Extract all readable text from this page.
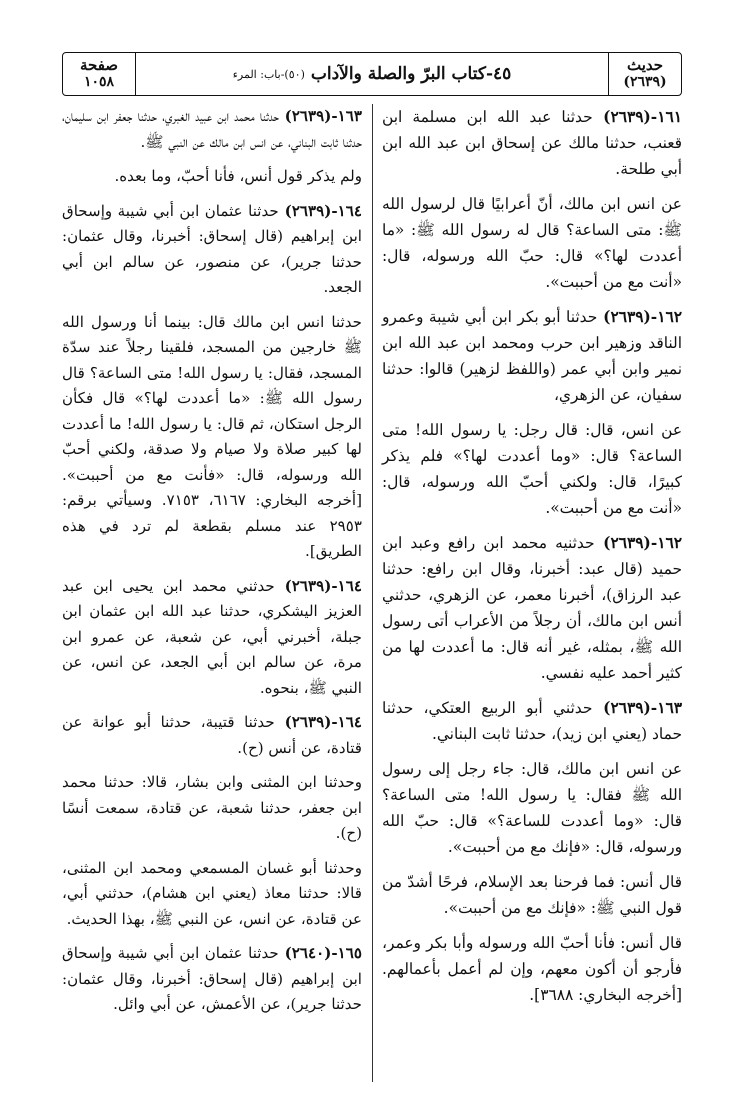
حديث
(٢٦٣٩)
٤٥-كتاب البرّ والصلة والآداب
(٥٠)-باب: المرء
صفحة
١٠٥٨

١٦١-(٢٦٣٩) حدثنا عبد الله ابن مسلمة ابن قعنب، حدثنا مالك عن إسحاق ابن عبد الله ابن أبي طلحة.

عن انس ابن مالك، أنّ أعرابيًا قال لرسول الله ﷺ: متى الساعة؟ قال له رسول الله ﷺ: «ما أعددت لها؟» قال: حبّ الله ورسوله، قال: «أنت مع من أحببت».

١٦٢-(٢٦٣٩) حدثنا أبو بكر ابن أبي شيبة وعمرو الناقد وزهير ابن حرب ومحمد ابن عبد الله ابن نمير وابن أبي عمر (واللفظ لزهير) قالوا: حدثنا سفيان، عن الزهري،

عن انس، قال: قال رجل: يا رسول الله! متى الساعة؟ قال: «وما أعددت لها؟» فلم يذكر كبيرًا، قال: ولكني أحبّ الله ورسوله، قال: «أنت مع من أحببت».

١٦٢-(٢٦٣٩) حدثنيه محمد ابن رافع وعبد ابن حميد (قال عبد: أخبرنا، وقال ابن رافع: حدثنا عبد الرزاق)، أخبرنا معمر، عن الزهري، حدثني أنس ابن مالك، أن رجلاً من الأعراب أتى رسول الله ﷺ، بمثله، غير أنه قال: ما أعددت لها من كثير أحمد عليه نفسي.

١٦٣-(٢٦٣٩) حدثني أبو الربيع العتكي، حدثنا حماد (يعني ابن زيد)، حدثنا ثابت البناني.

عن انس ابن مالك، قال: جاء رجل إلى رسول الله ﷺ فقال: يا رسول الله! متى الساعة؟ قال: «وما أعددت للساعة؟» قال: حبّ الله ورسوله، قال: «فإنك مع من أحببت».

قال أنس: فما فرحنا بعد الإسلام، فرحًا أشدّ من قول النبي ﷺ: «فإنك مع من أحببت».

قال أنس: فأنا أحبّ الله ورسوله وأبا بكر وعمر، فأرجو أن أكون معهم، وإن لم أعمل بأعمالهم. [أخرجه البخاري: ٣٦٨٨].

١٦٣-(٢٦٣٩) حدثنا محمد ابن عبيد الغبري، حدثنا جعفر ابن سليمان، حدثنا ثابت البناني، عن انس ابن مالك عن النبي ﷺ.

ولم يذكر قول أنس، فأنا أحبّ، وما بعده.

١٦٤-(٢٦٣٩) حدثنا عثمان ابن أبي شيبة وإسحاق ابن إبراهيم (قال إسحاق: أخبرنا، وقال عثمان: حدثنا جرير)، عن منصور، عن سالم ابن أبي الجعد.

حدثنا انس ابن مالك قال: بينما أنا ورسول الله ﷺ خارجين من المسجد، فلقينا رجلاً عند سدّة المسجد، فقال: يا رسول الله! متى الساعة؟ قال رسول الله ﷺ: «ما أعددت لها؟» قال فكأن الرجل استكان، ثم قال: يا رسول الله! ما أعددت لها كبير صلاة ولا صيام ولا صدقة، ولكني أحبّ الله ورسوله، قال: «فأنت مع من أحببت». [أخرجه البخاري: ٦١٦٧، ٧١٥٣. وسيأتي برقم: ٢٩٥٣ عند مسلم بقطعة لم ترد في هذه الطريق].

١٦٤-(٢٦٣٩) حدثني محمد ابن يحيى ابن عبد العزيز اليشكري، حدثنا عبد الله ابن عثمان ابن جبلة، أخبرني أبي، عن شعبة، عن عمرو ابن مرة، عن سالم ابن أبي الجعد، عن انس، عن النبي ﷺ، بنحوه.

١٦٤-(٢٦٣٩) حدثنا قتيبة، حدثنا أبو عوانة عن قتادة، عن أنس (ح).

وحدثنا ابن المثنى وابن بشار، قالا: حدثنا محمد ابن جعفر، حدثنا شعبة، عن قتادة، سمعت أنسًا (ح).

وحدثنا أبو غسان المسمعي ومحمد ابن المثنى، قالا: حدثنا معاذ (يعني ابن هشام)، حدثني أبي، عن قتادة، عن انس، عن النبي ﷺ، بهذا الحديث.

١٦٥-(٢٦٤٠) حدثنا عثمان ابن أبي شيبة وإسحاق ابن إبراهيم (قال إسحاق: أخبرنا، وقال عثمان: حدثنا جرير)، عن الأعمش، عن أبي وائل.
